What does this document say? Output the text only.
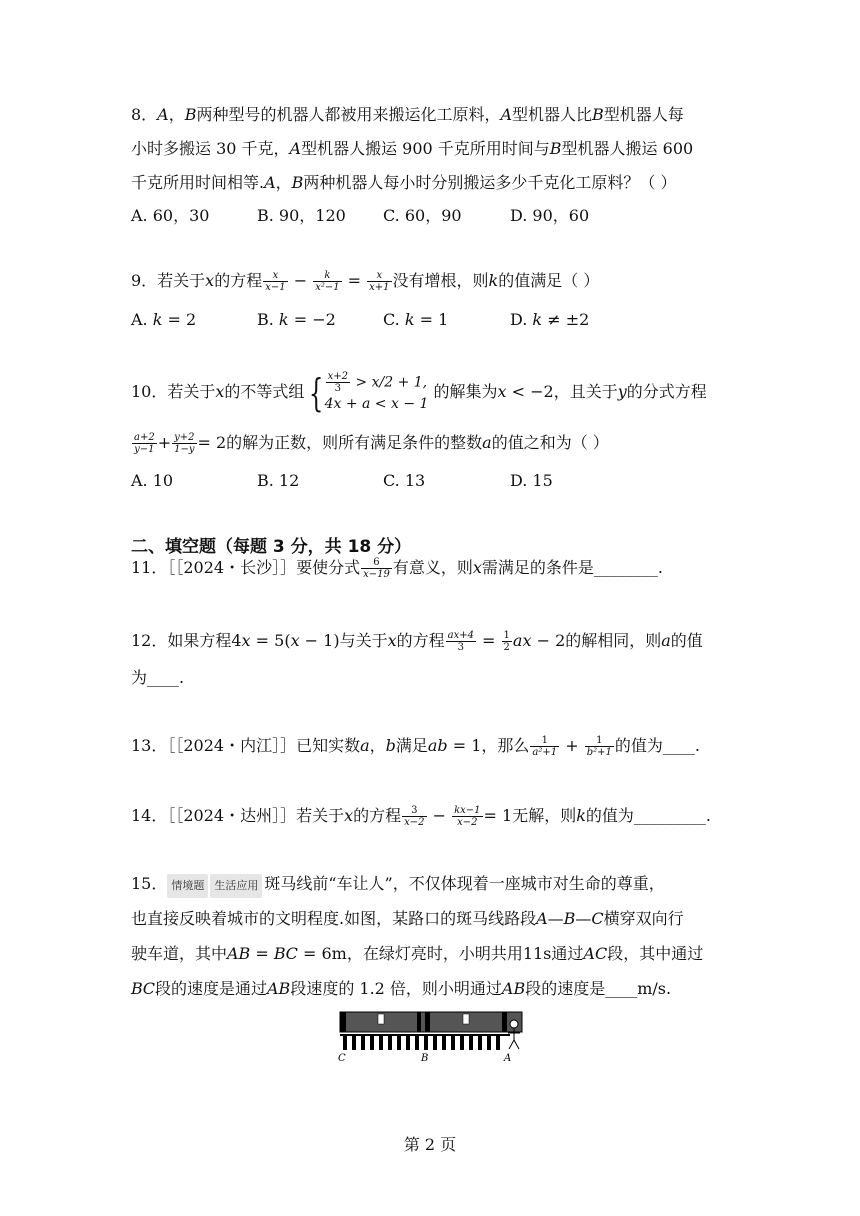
8．𝐴，𝐵两种型号的机器人都被用来搬运化工原料，𝐴型机器人比𝐵型机器人每
小时多搬运 30 千克，𝐴型机器人搬运 900 千克所用时间与𝐵型机器人搬运 600
千克所用时间相等.𝐴，𝐵两种机器人每小时分别搬运多少千克化工原料？（ ）
A. 60，30	B. 90，120 C. 60，90	D. 90，60
9．若关于𝑥的方程 $\frac{x}{x-1} - \frac{k}{\text{x²−1}} = \frac{x}{x+1}$ 没有增根，则𝑘的值满足（ ）
A. 𝑘 = 2	B. 𝑘 = −2	C. 𝑘 = 1	D. 𝑘 ≠ ±2
10．若关于𝑥的不等式组 { $\frac{x+2}{3}$ > 𝑥/2 + 1,
4𝑥 + 𝑎 < 𝑥 − 1
的解集为𝑥 < −2，且关于𝑦的分式方程
$\frac{a+2}{y-1} + \frac{y+2}{1-y} = 2$的解为正数，则所有满足条件的整数𝑎的值之和为（ ）
A. 10	B. 12	C. 13	D. 15
二、填空题（每题 3 分，共 18 分）
11．［［2024・长沙］］要使分式 $\frac{6}{x-19}$ 有意义，则𝑥需满足的条件是________.
12．如果方程4𝑥 = 5(𝑥 − 1)与关于𝑥的方程 $\frac{ax+4}{3} = \frac{1}{2}$ 𝑎𝑥 − 2的解相同，则𝑎的值
为____.
13．［［2024・内江］］已知实数𝑎，𝑏满足𝑎𝑏 = 1，那么 $\frac{1}{\text{a²+1}} + \frac{1}{\text{b²+1}}$ 的值为____.
14．［［2024・达州］］若关于𝑥的方程 $\frac{3}{x-2} - \frac{kx-1}{x-2} = 1$无解，则𝑘的值为_________.
15． 情境题 生活应用 斑马线前“车让人”，不仅体现着一座城市对生命的尊重，
也直接反映着城市的文明程度.如图，某路口的斑马线路段𝐴—𝐵—𝐶横穿双向行
驶车道，其中𝐴𝐵 = 𝐵𝐶 = 6m，在绿灯亮时，小明共用11s通过𝐴𝐶段，其中通过
𝐵𝐶段的速度是通过𝐴𝐵段速度的 1.2 倍，则小明通过𝐴𝐵段的速度是____m/s.
C	B	A
第 2 页
